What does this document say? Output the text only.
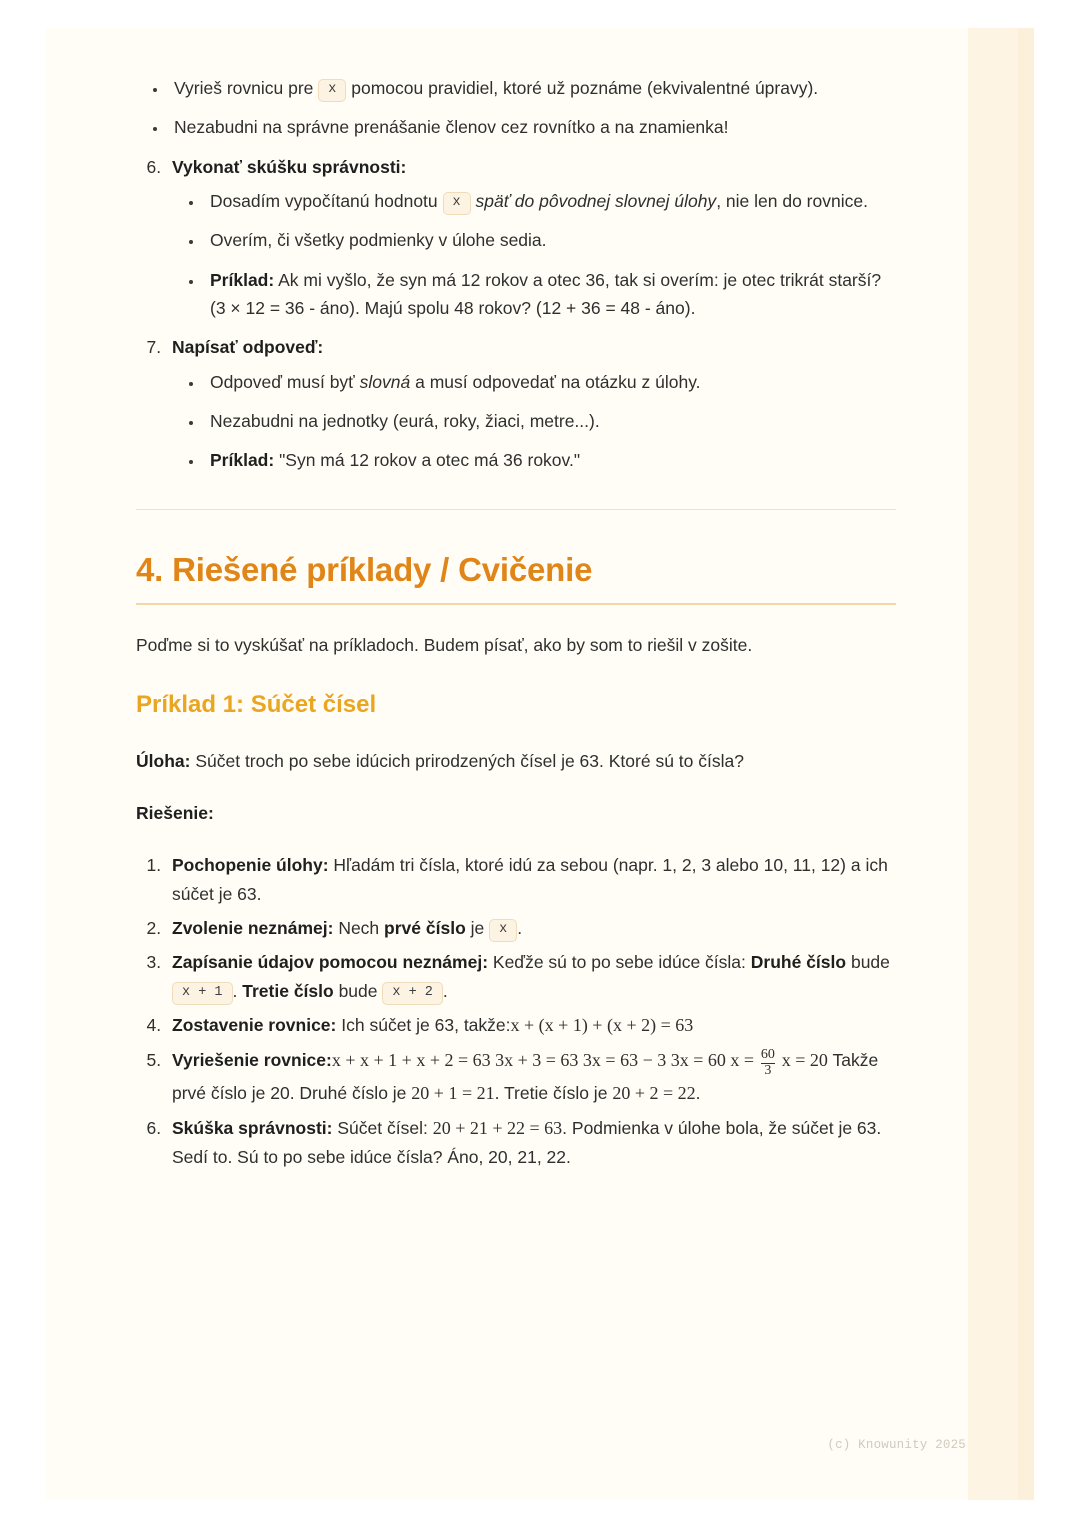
• Vyrieš rovnicu pre x pomocou pravidiel, ktoré už poznáme (ekvivalentné úpravy).
• Nezabudni na správne prenášanie členov cez rovnítko a na znamienka!
6. Vykonať skúšku správnosti:
• Dosadím vypočítanú hodnotu x späť do pôvodnej slovnej úlohy, nie len do rovnice.
• Overím, či všetky podmienky v úlohe sedia.
• Príklad: Ak mi vyšlo, že syn má 12 rokov a otec 36, tak si overím: je otec trikrát starší? (3 × 12 = 36 - áno). Majú spolu 48 rokov? (12 + 36 = 48 - áno).
7. Napísať odpoveď:
• Odpoveď musí byť slovná a musí odpovedať na otázku z úlohy.
• Nezabudni na jednotky (eurá, roky, žiaci, metre...).
• Príklad: "Syn má 12 rokov a otec má 36 rokov."
4. Riešené príklady / Cvičenie

Poďme si to vyskúšať na príkladoch. Budem písať, ako by som to riešil v zošite.

Príklad 1: Súčet čísel

Úloha: Súčet troch po sebe idúcich prirodzených čísel je 63. Ktoré sú to čísla?

Riešenie:

1. Pochopenie úlohy: Hľadám tri čísla, ktoré idú za sebou (napr. 1, 2, 3 alebo 10, 11, 12) a ich súčet je 63.
2. Zvolenie neznámej: Nech prvé číslo je x .
3. Zapísanie údajov pomocou neznámej: Keďže sú to po sebe idúce čísla: Druhé číslo bude x + 1 . Tretie číslo bude x + 2 .
4. Zostavenie rovnice: Ich súčet je 63, takže:x + (x + 1) + (x + 2) = 63
5. Vyriešenie rovnice:x + x + 1 + x + 2 = 63 3x + 3 = 63 3x = 63 − 3 3x = 60 $x = \frac{60}{3}$ x = 20 Takže prvé číslo je 20. Druhé číslo je 20 + 1 = 21. Tretie číslo je 20 + 2 = 22.
6. Skúška správnosti: Súčet čísel: 20 + 21 + 22 = 63. Podmienka v úlohe bola, že súčet je 63. Sedí to. Sú to po sebe idúce čísla? Áno, 20, 21, 22.
(c) Knowunity 2025
